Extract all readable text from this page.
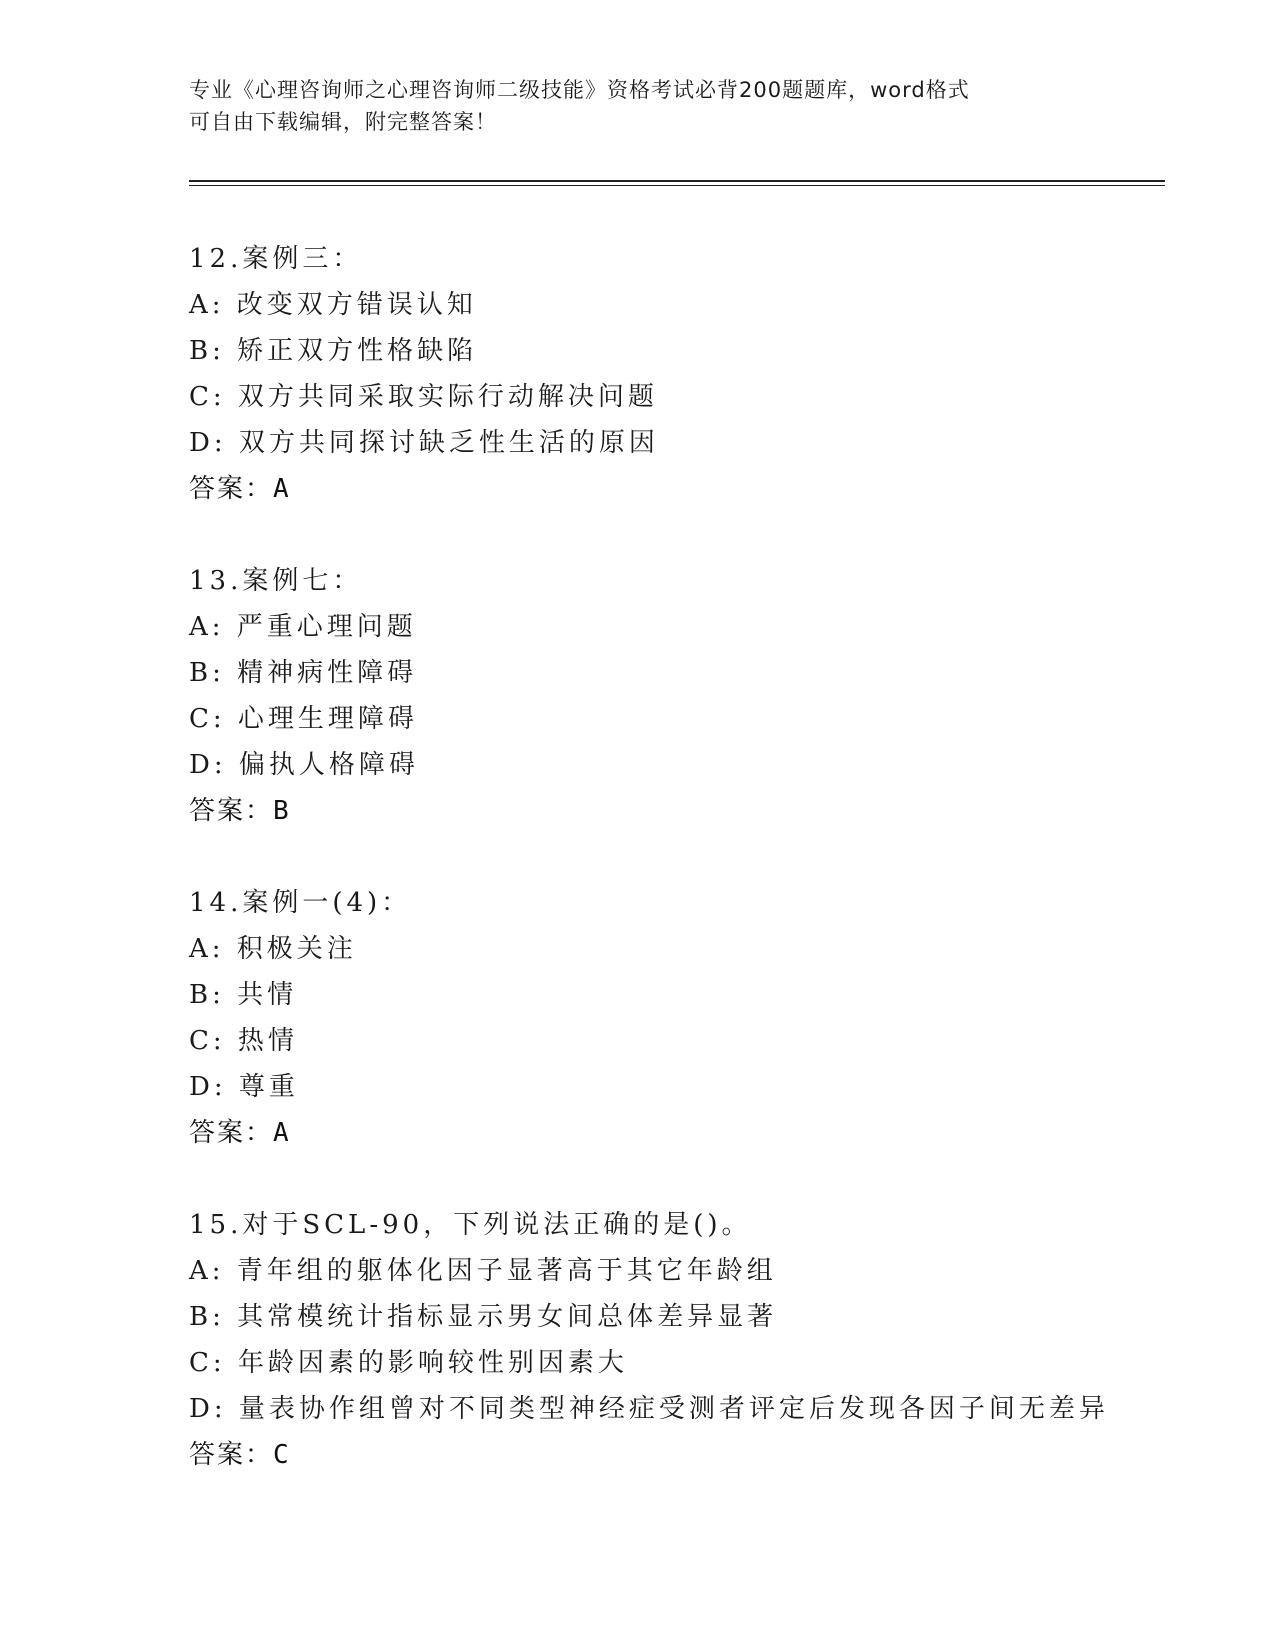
专业《心理咨询师之心理咨询师二级技能》资格考试必背200题题库，word格式
可自由下载编辑，附完整答案！
12.案例三：
A: 改变双方错误认知
B: 矫正双方性格缺陷
C: 双方共同采取实际行动解决问题
D: 双方共同探讨缺乏性生活的原因
答案：A
13.案例七：
A: 严重心理问题
B: 精神病性障碍
C: 心理生理障碍
D: 偏执人格障碍
答案：B
14.案例一(4)：
A: 积极关注
B: 共情
C: 热情
D: 尊重
答案：A
15.对于SCL-90，下列说法正确的是()。
A: 青年组的躯体化因子显著高于其它年龄组
B: 其常模统计指标显示男女间总体差异显著
C: 年龄因素的影响较性别因素大
D: 量表协作组曾对不同类型神经症受测者评定后发现各因子间无差异
答案：C
